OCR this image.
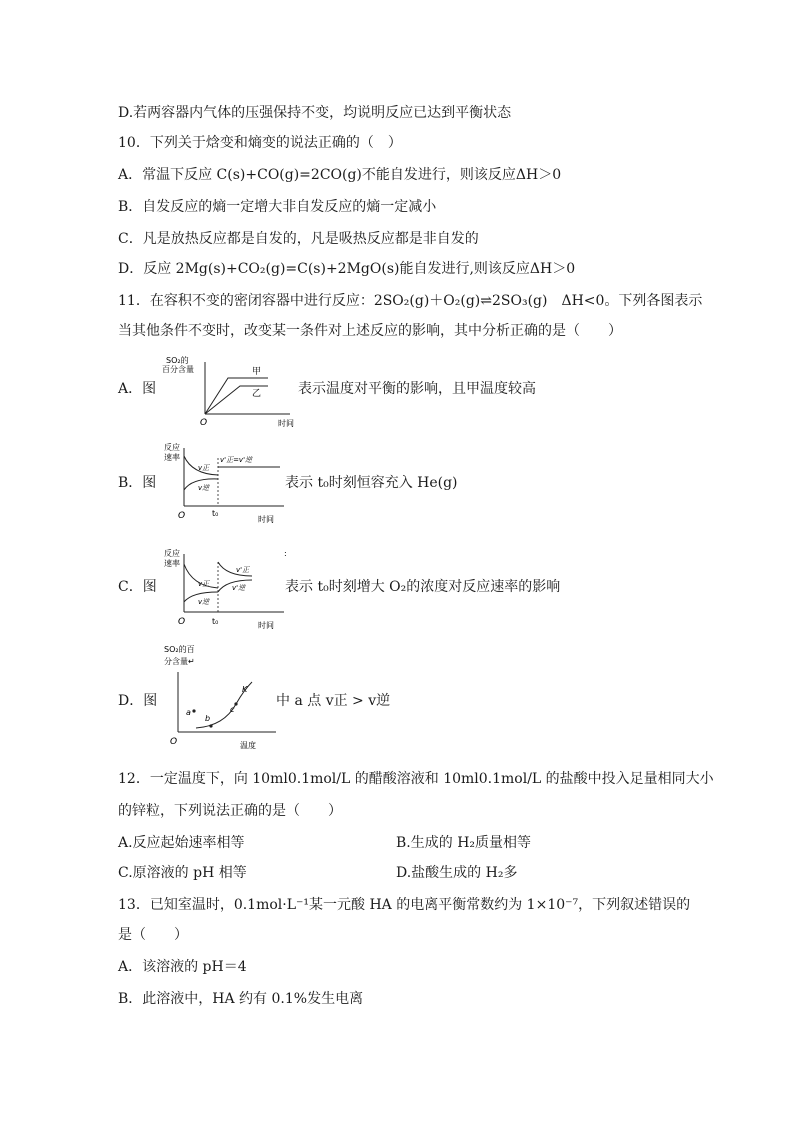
D.若两容器内气体的压强保持不变，均说明反应已达到平衡状态
10．下列关于焓变和熵变的说法正确的（　）
A．常温下反应 C(s)+CO(g)=2CO(g)不能自发进行，则该反应ΔH＞0
B．自发反应的熵一定增大非自发反应的熵一定减小
C．凡是放热反应都是自发的，凡是吸热反应都是非自发的
D．反应 2Mg(s)+CO₂(g)=C(s)+2MgO(s)能自发进行,则该反应ΔH＞0
11．在容积不变的密闭容器中进行反应：2SO₂(g)＋O₂(g)⇌2SO₃(g)　ΔH<0。下列各图表示
当其他条件不变时，改变某一条件对上述反应的影响，其中分析正确的是（　　）
A．图
SO₂的
百分含量	甲
乙
O	时间
表示温度对平衡的影响，且甲温度较高
B．图
反应
速率
v正
v逆
v'正=v'逆
O	t₀
时间
表示 t₀时刻恒容充入 He(g)
C．图
反应
速率
v'正
v'逆
v正
v逆
O	t₀	时间
:
表示 t₀时刻增大 O₂的浓度对反应速率的影响
D．图
SO₂的百
分含量↵
a
b
c
K
O	温度
中 a 点 v正 > v逆
12．一定温度下，向 10ml0.1mol/L 的醋酸溶液和 10ml0.1mol/L 的盐酸中投入足量相同大小
的锌粒，下列说法正确的是（　　）
A.反应起始速率相等	B.生成的 H₂质量相等
C.原溶液的 pH 相等	D.盐酸生成的 H₂多
13．已知室温时，0.1mol·L⁻¹某一元酸 HA 的电离平衡常数约为 1×10⁻⁷，下列叙述错误的
是（　　）
A．该溶液的 pH＝4
B．此溶液中，HA 约有 0.1%发生电离
